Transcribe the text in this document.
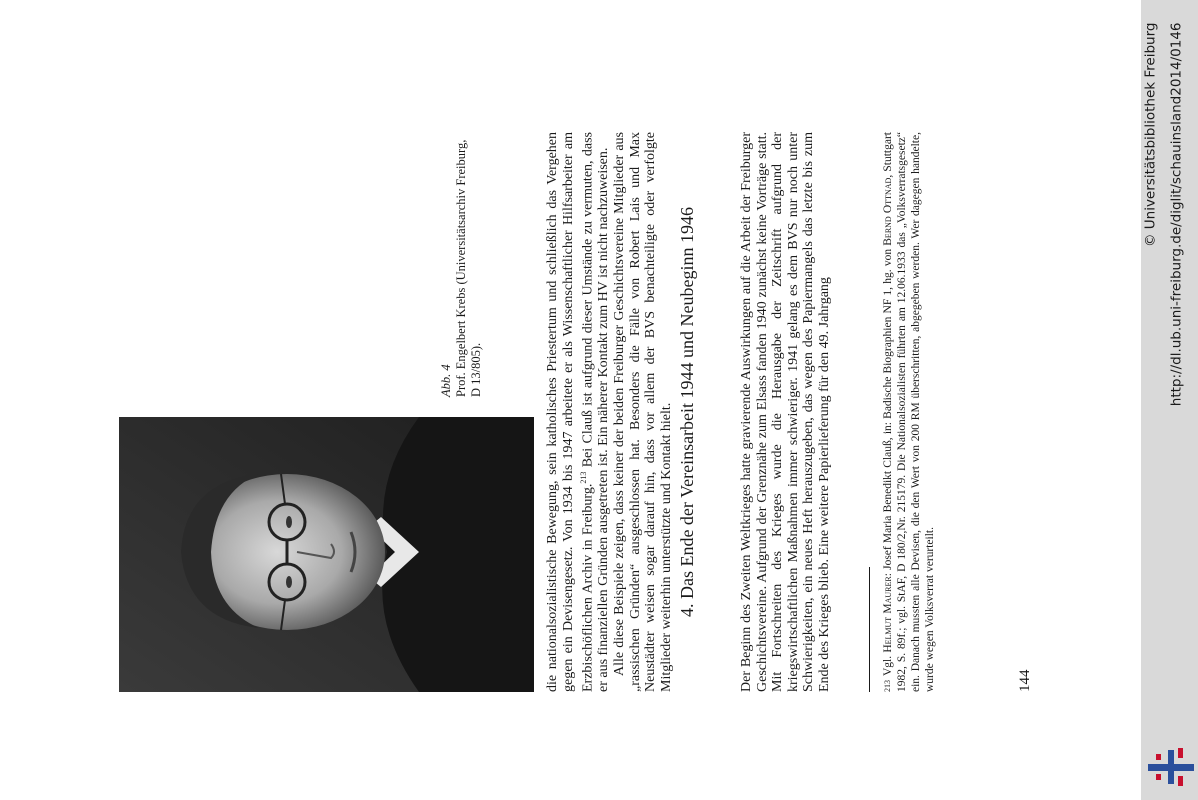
Abb. 4 Prof. Engelbert Krebs (Universitätsarchiv Freiburg,
D 13/805).	die nationalsozialistische Bewegung, sein katholisches Priestertum und schließlich das Vergehen gegen ein Devisengesetz. Von 1934 bis 1947 arbeitete er als Wissenschaftlicher Hilfsarbeiter am Erzbischöflichen Archiv in Freiburg.$^{213}$ Bei Clauß ist aufgrund dieser Umstände zu vermuten, dass er aus finanziellen Gründen ausgetreten ist. Ein näherer Kontakt zum HV ist nicht nachzuweisen. Alle diese Beispiele zeigen, dass keiner der beiden Freiburger Geschichtsvereine Mitglieder aus „rassischen Gründen“ ausgeschlossen hat. Besonders die Fälle von Robert Lais und Max Neustädter weisen sogar darauf hin, dass vor allem der BVS benachteiligte oder verfolgte Mitglieder weiterhin unterstützte und Kontakt hielt. 4. Das Ende der Vereinsarbeit 1944 und Neubeginn 1946	Der Beginn des Zweiten Weltkrieges hatte gravierende Auswirkungen auf die Arbeit der Freiburger Geschichtsvereine. Aufgrund der Grenznähe zum Elsass fanden 1940 zunächst keine Vorträge statt. Mit Fortschreiten des Krieges wurde die Herausgabe der Zeitschrift aufgrund der kriegswirtschaftlichen Maßnahmen immer schwieriger. 1941 gelang es dem BVS nur noch unter Schwierigkeiten, ein neues Heft herauszugeben, das wegen des Papiermangels das letzte bis zum Ende des Krieges blieb. Eine weitere Papierlieferung für den 49. Jahrgang	$^{213}$Vgl. Helmut Maurer: Josef Maria Benedikt Clauß, in: Badische Biographien NF 1, hg. von Bernd Ottnad, Stuttgart 1982, S. 89f.; vgl. StAF, D 180/2,Nr. 215179. Die Nationalsozialisten führten am 12.06.1933 das „Volksverratsgesetz“ ein. Danach mussten alle Devisen, die den Wert von 200 RM überschritten, abgegeben werden. Wer dagegen handelte, wurde wegen Volksverrat verurteilt.	144
© Universitätsbibliothek Freiburg http://dl.ub.uni-freiburg.de/diglit/schauinsland2014/0146
